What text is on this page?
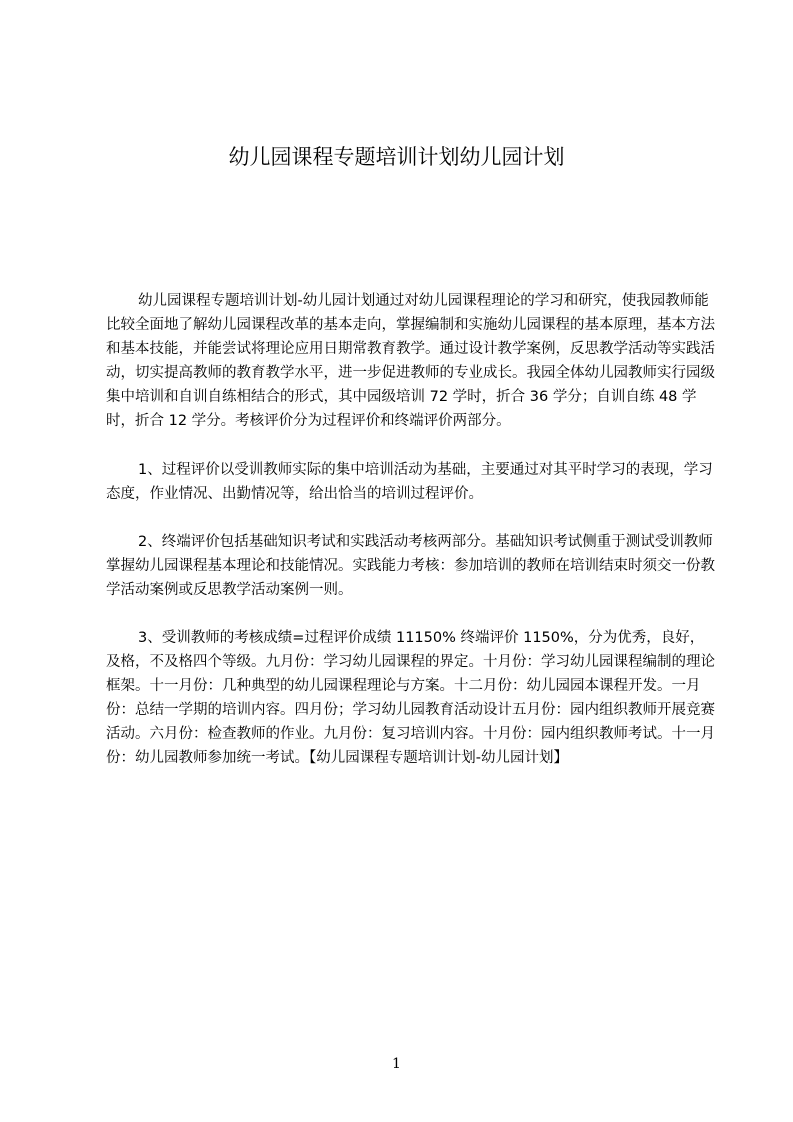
幼儿园课程专题培训计划幼儿园计划

幼儿园课程专题培训计划-幼儿园计划通过对幼儿园课程理论的学习和研究，使我园教师能比较全面地了解幼儿园课程改革的基本走向，掌握编制和实施幼儿园课程的基本原理，基本方法和基本技能，并能尝试将理论应用日期常教育教学。通过设计教学案例，反思教学活动等实践活动，切实提高教师的教育教学水平，进一步促进教师的专业成长。我园全体幼儿园教师实行园级集中培训和自训自练相结合的形式，其中园级培训 72 学时，折合 36 学分；自训自练 48 学时，折合 12 学分。考核评价分为过程评价和终端评价两部分。

1、过程评价以受训教师实际的集中培训活动为基础，主要通过对其平时学习的表现，学习态度，作业情况、出勤情况等，给出恰当的培训过程评价。

2、终端评价包括基础知识考试和实践活动考核两部分。基础知识考试侧重于测试受训教师掌握幼儿园课程基本理论和技能情况。实践能力考核：参加培训的教师在培训结束时须交一份教学活动案例或反思教学活动案例一则。

3、受训教师的考核成绩=过程评价成绩 11150% 终端评价 1150%，分为优秀，良好，及格，不及格四个等级。九月份：学习幼儿园课程的界定。十月份：学习幼儿园课程编制的理论框架。十一月份：几种典型的幼儿园课程理论与方案。十二月份：幼儿园园本课程开发。一月份：总结一学期的培训内容。四月份；学习幼儿园教育活动设计五月份：园内组织教师开展竞赛活动。六月份：检查教师的作业。九月份：复习培训内容。十月份：园内组织教师考试。十一月份：幼儿园教师参加统一考试。【幼儿园课程专题培训计划-幼儿园计划】

1
